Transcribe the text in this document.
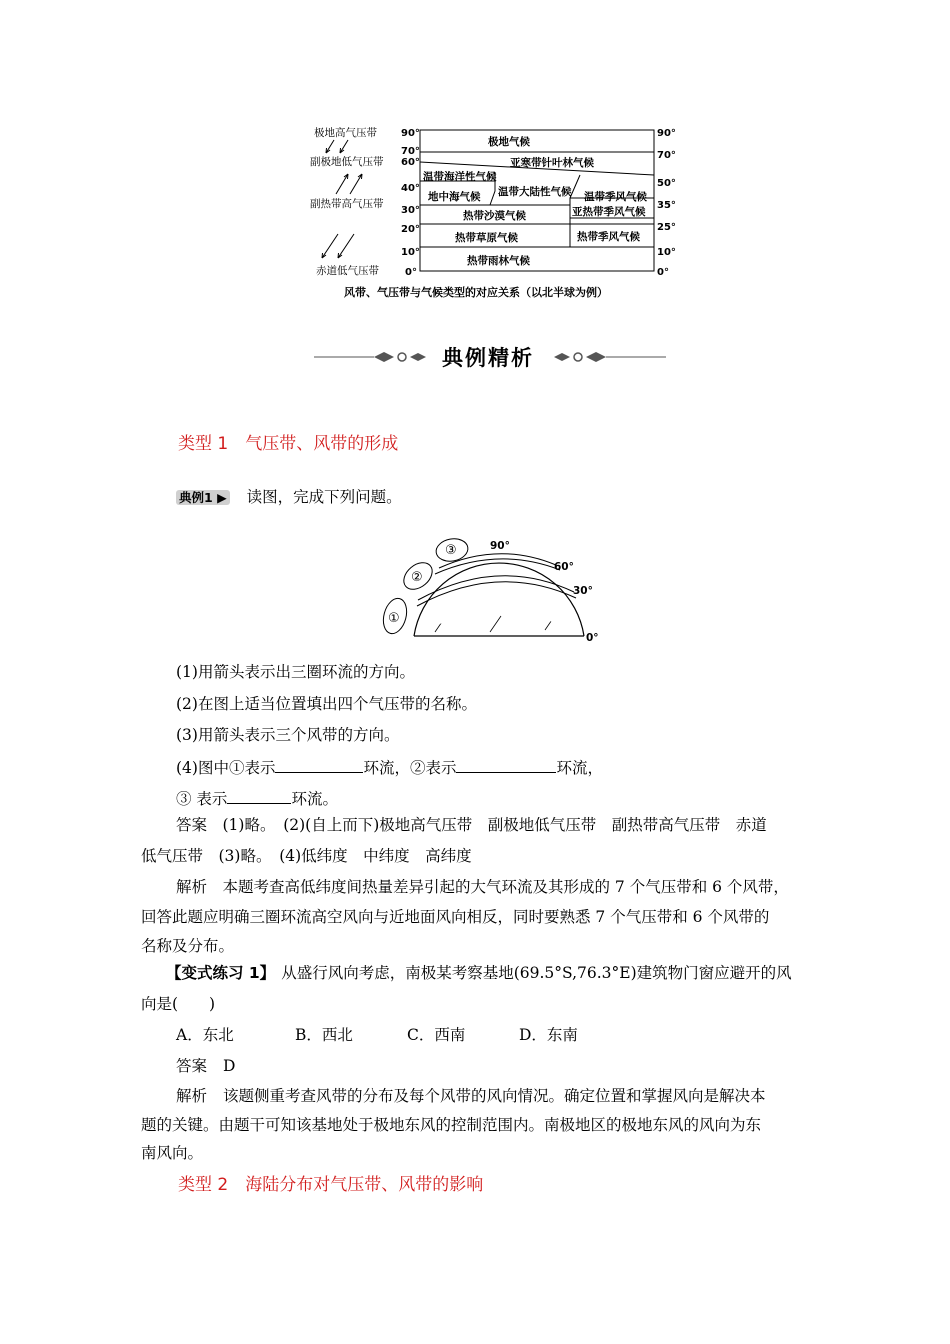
极地高气压带
副极地低气压带
副热带高气压带
赤道低气压带
90°
70°
60°
40°
30°
20°
10°
0°
90°
70°
50°
35°
25°
10°
0°
极地气候
亚寒带针叶林气候
温带海洋性气候
温带大陆性气候 温带季风气候
地中海气候
热带沙漠气候	亚热带季风气候
热带草原气候	热带季风气候
热带雨林气候
风带、气压带与气候类型的对应关系（以北半球为例）
典例精析
类型 1　气压带、风带的形成
典例1 ▶ 读图，完成下列问题。
①
②
③	90°
60°
30°
0°
(1)用箭头表示出三圈环流的方向。
(2)在图上适当位置填出四个气压带的名称。
(3)用箭头表示三个风带的方向。
(4)图中①表示	环流，②表示	环流，
③ 表示	环流。
答案　(1)略。　(2)(自上而下)极地高气压带　副极地低气压带　副热带高气压带　赤道
低气压带　(3)略。　(4)低纬度　中纬度　高纬度
解析　本题考查高低纬度间热量差异引起的大气环流及其形成的 7 个气压带和 6 个风带，
回答此题应明确三圈环流高空风向与近地面风向相反，同时要熟悉 7 个气压带和 6 个风带的
名称及分布。
【变式练习 1】 从盛行风向考虑，南极某考察基地(69.5°S,76.3°E)建筑物门窗应避开的风
向是(　　)
A．东北	B．西北	C．西南	D．东南
答案 D
解析 该题侧重考查风带的分布及每个风带的风向情况。确定位置和掌握风向是解决本
题的关键。由题干可知该基地处于极地东风的控制范围内。南极地区的极地东风的风向为东
南风向。
类型 2　海陆分布对气压带、风带的影响
